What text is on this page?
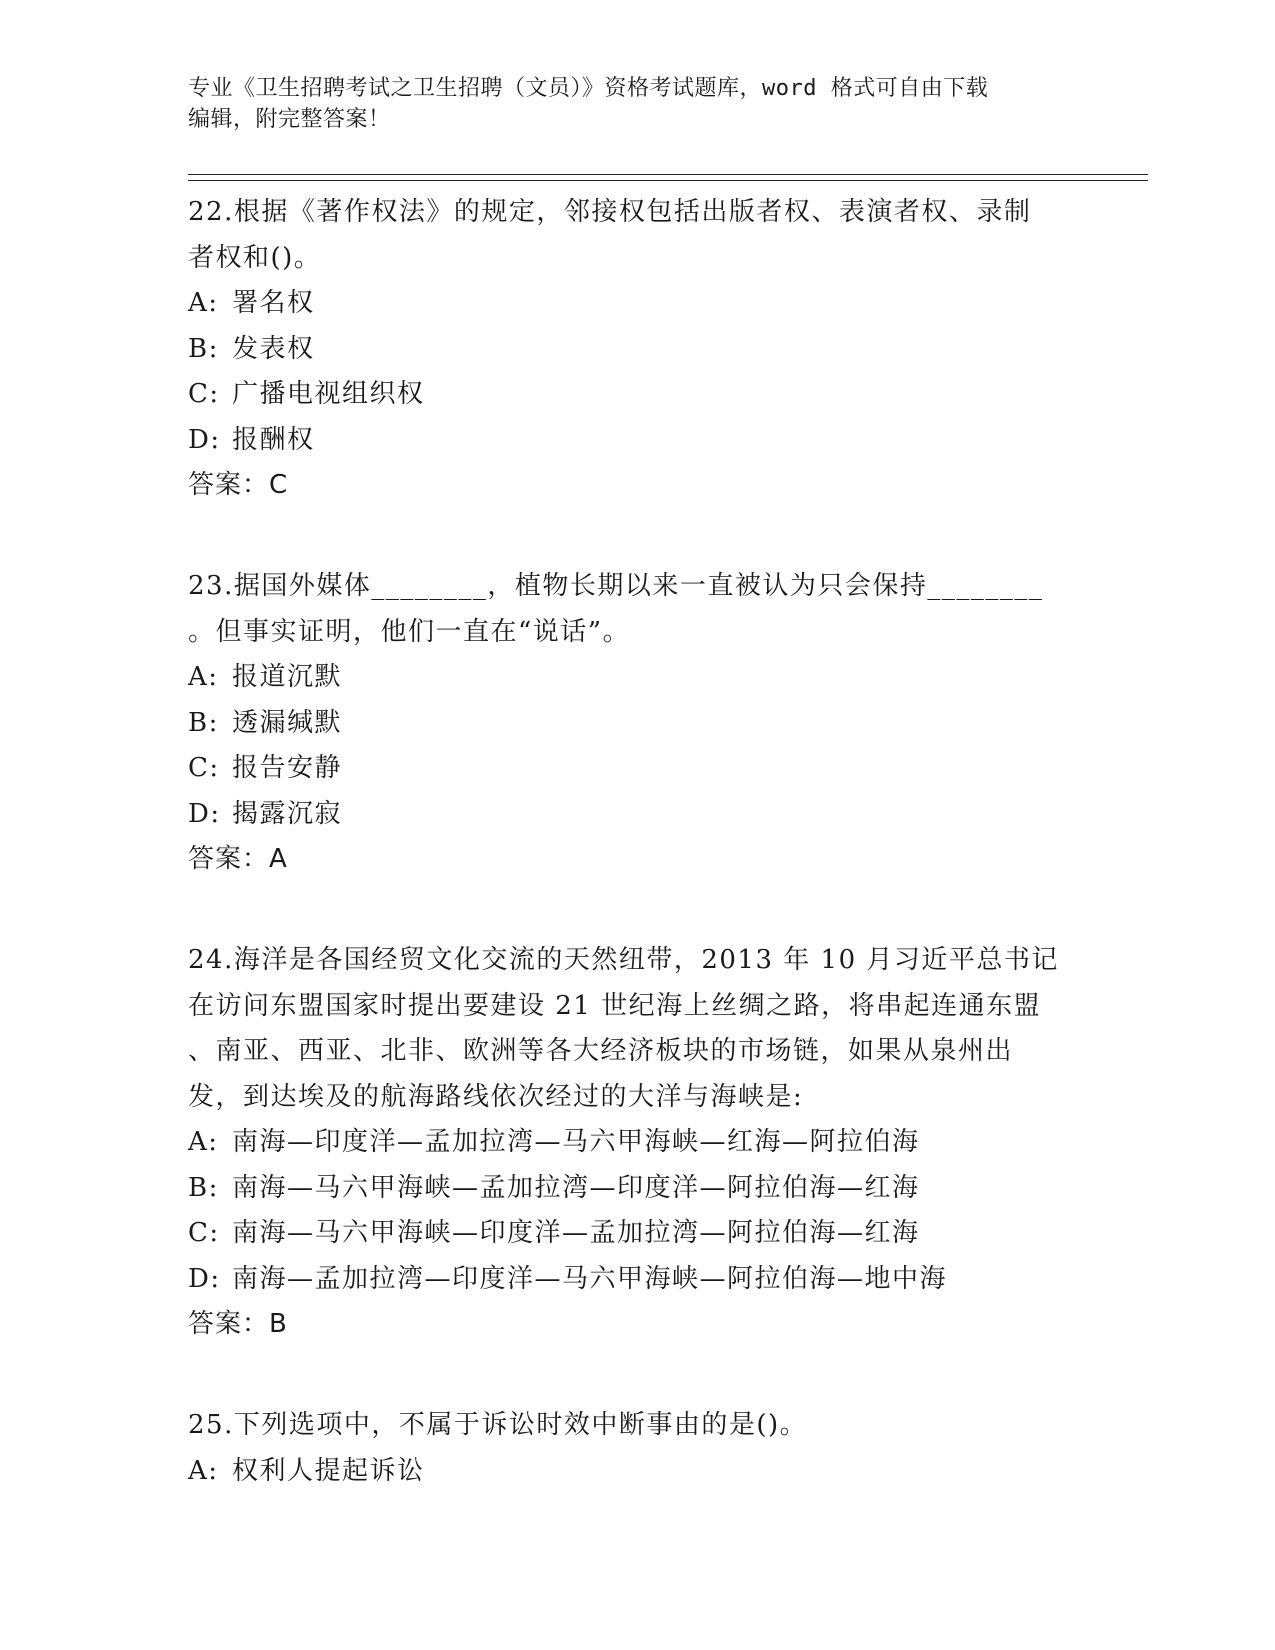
专业《卫生招聘考试之卫生招聘（文员）》资格考试题库，word 格式可自由下载
编辑，附完整答案！

22.根据《著作权法》的规定，邻接权包括出版者权、表演者权、录制

者权和()。

A: 署名权

B: 发表权

C: 广播电视组织权

D: 报酬权

答案：C

23.据国外媒体________，植物长期以来一直被认为只会保持________

。但事实证明，他们一直在“说话”。

A: 报道沉默

B: 透漏缄默

C: 报告安静

D: 揭露沉寂

答案：A

24.海洋是各国经贸文化交流的天然纽带，2013 年 10 月习近平总书记

在访问东盟国家时提出要建设 21 世纪海上丝绸之路，将串起连通东盟

、南亚、西亚、北非、欧洲等各大经济板块的市场链，如果从泉州出

发，到达埃及的航海路线依次经过的大洋与海峡是:

A: 南海—印度洋—孟加拉湾—马六甲海峡—红海—阿拉伯海

B: 南海—马六甲海峡—孟加拉湾—印度洋—阿拉伯海—红海

C: 南海—马六甲海峡—印度洋—孟加拉湾—阿拉伯海—红海

D: 南海—孟加拉湾—印度洋—马六甲海峡—阿拉伯海—地中海

答案：B

25.下列选项中，不属于诉讼时效中断事由的是()。

A: 权利人提起诉讼
